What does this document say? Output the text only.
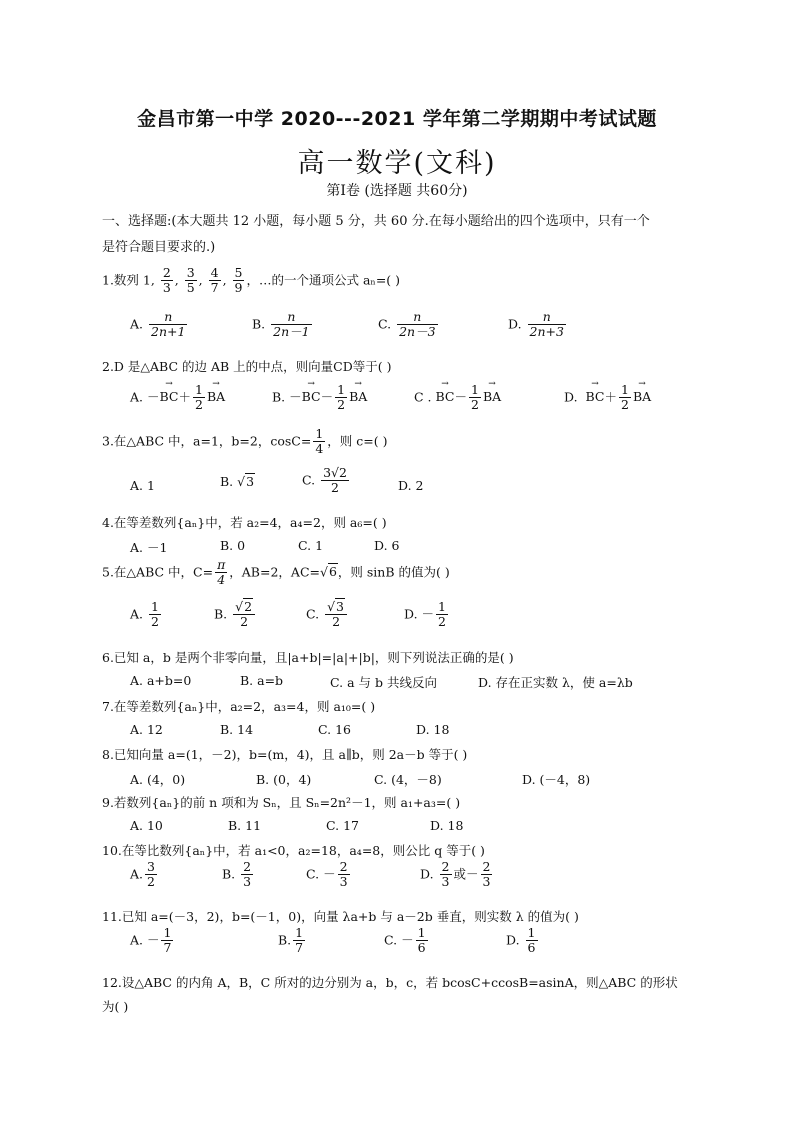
金昌市第一中学 2020---2021 学年第二学期期中考试试题
高一数学(文科)
第Ⅰ卷 (选择题 共60分)
一、选择题:(本大题共 12 小题，每小题 5 分，共 60 分.在每小题给出的四个选项中，只有一个
是符合题目要求的.)
1.数列 1, $\frac{2}{3}$ , $\frac{3}{5}$ , $\frac{4}{7}$ , $\frac{5}{9}$ ，…的一个通项公式 aₙ=( )
A. $\frac{n}{2n+1}$	B. $\frac{n}{2n-1}$	C. $\frac{n}{2n-3}$	D. $\frac{n}{2n+3}$
2.D 是△ABC 的边 AB 上的中点，则向量CD等于( )
A. －→ $BC+ \frac{1}{2}$ → BA	B. －→ $BC- \frac{1}{2}$ → BA	C . → $BC- \frac{1}{2}$ → BA	D.  → $BC+ \frac{1}{2}$ → BA
3.在△ABC 中，a=1，b=2，$\cos C= \frac{1}{4}$ ，则 c=( )
A. 1	B. √3	C. $\frac{3√2}{2}$	D. 2
4.在等差数列{aₙ}中，若 a₂=4，a₄=2，则 a₆=( )
A. －1	B. 0	C. 1	D. 6
5.在△ABC 中，$C= \frac{\pi}{4}$ ，AB=2，AC=√6，则 sinB 的值为( )
A. $\frac{1}{2}$	B. $\frac{√2}{2}$	C. $\frac{√3}{2}$	D. － $\frac{1}{2}$
6.已知 a，b 是两个非零向量，且|a+b|=|a|+|b|，则下列说法正确的是( )
A. a+b=0	B. a=b	C. a 与 b 共线反向	D. 存在正实数 λ，使 a=λb
7.在等差数列{aₙ}中，a₂=2，a₃=4，则 a₁₀=( )
A. 12	B. 14	C. 16	D. 18
8.已知向量 a=(1，－2)，b=(m，4)，且 a∥b，则 2a－b 等于( )
A. (4，0)	B. (0，4)	C. (4，－8)	D. (－4，8)
9.若数列{aₙ}的前 n 项和为 Sₙ，且 Sₙ=2n²－1，则 a₁+a₃=( )
A. 10	B. 11	C. 17	D. 18
10.在等比数列{aₙ}中，若 a₁<0，a₂=18，a₄=8，则公比 q 等于( )
A. $\frac{3}{2}$	B. $\frac{2}{3}$	C. － $\frac{2}{3}$	D. $\frac{2}{3}$ 或－ $\frac{2}{3}$
11.已知 a=(－3，2)，b=(－1，0)，向量 λa+b 与 a－2b 垂直，则实数 λ 的值为( )
A. － $\frac{1}{7}$	B. $\frac{1}{7}$	C. － $\frac{1}{6}$	D. $\frac{1}{6}$
12.设△ABC 的内角 A，B，C 所对的边分别为 a，b，c，若 bcosC+ccosB=asinA，则△ABC 的形状
为( )
